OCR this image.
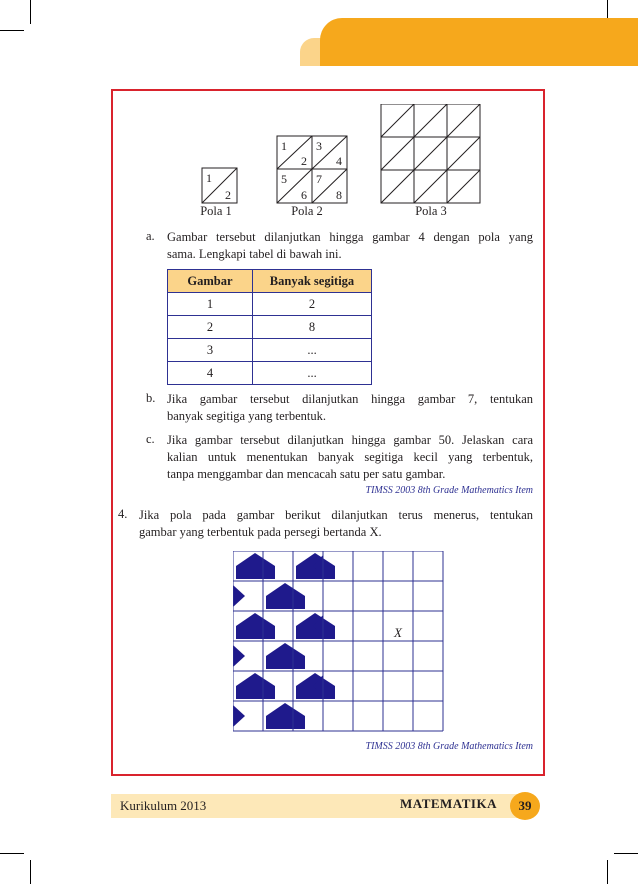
1
2
1 3
2 4
5 7
6 8
Pola 1	Pola 2	Pola 3
a. Gambar tersebut dilanjutkan hingga gambar 4 dengan pola yang
sama. Lengkapi tabel di bawah ini.
Gambar	Banyak segitiga
1	2
2	8
3	...
4	...
b. Jika gambar tersebut dilanjutkan hingga gambar 7, tentukan
banyak segitiga yang terbentuk.
c. Jika gambar tersebut dilanjutkan hingga gambar 50. Jelaskan cara
kalian untuk menentukan banyak segitiga kecil yang terbentuk,
tanpa menggambar dan mencacah satu per satu gambar.
TIMSS 2003 8th Grade Mathematics Item
4. Jika pola pada gambar berikut dilanjutkan terus menerus, tentukan
gambar yang terbentuk pada persegi bertanda X.
X
TIMSS 2003 8th Grade Mathematics Item
Kurikulum 2013	MATEMATIKA	39
